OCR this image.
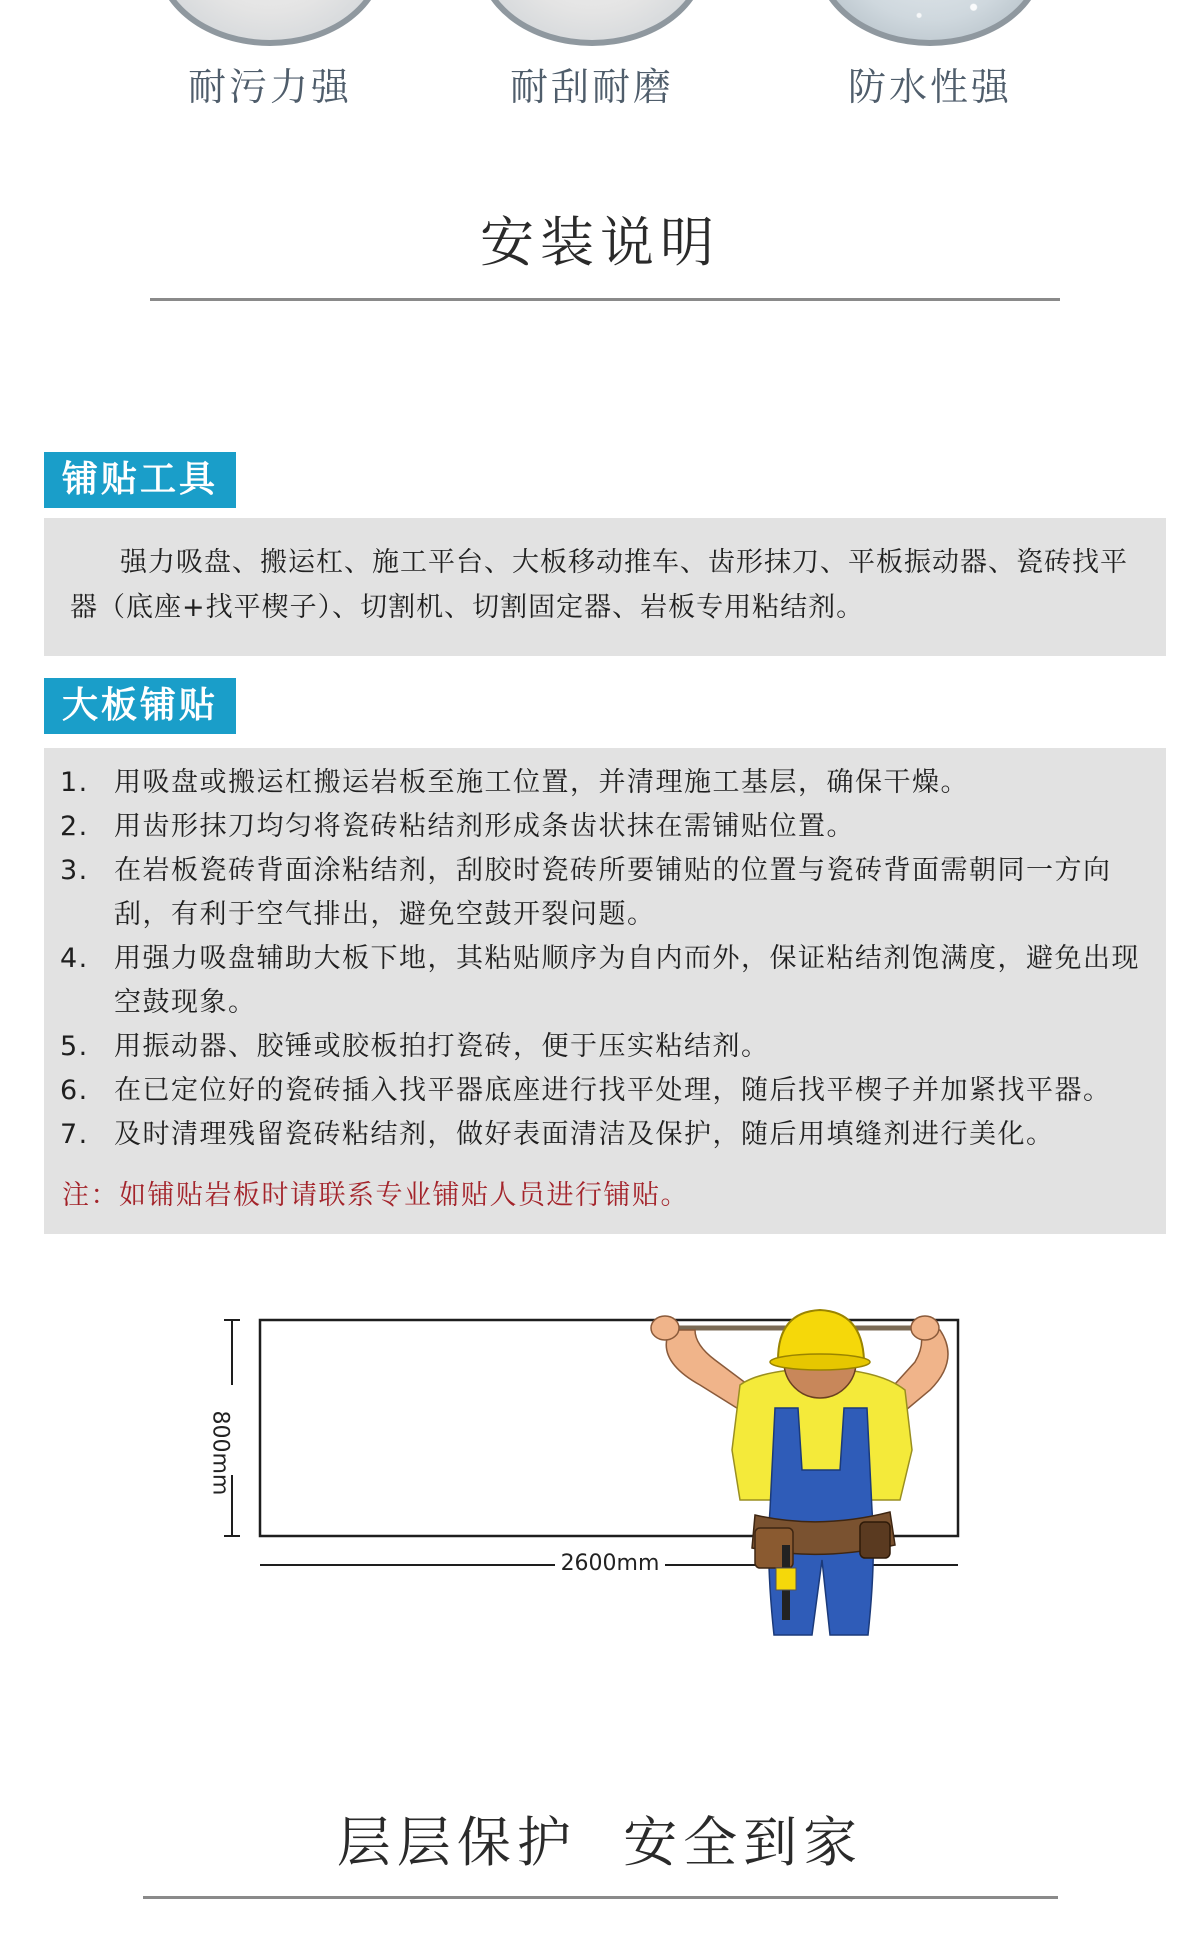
耐污力强	耐刮耐磨	防水性强
安装说明
铺贴工具
强力吸盘、搬运杠、施工平台、大板移动推车、齿形抹刀、平板振动器、瓷砖找平器（底座+找平楔子）、切割机、切割固定器、岩板专用粘结剂。
大板铺贴
1. 用吸盘或搬运杠搬运岩板至施工位置，并清理施工基层，确保干燥。
2. 用齿形抹刀均匀将瓷砖粘结剂形成条齿状抹在需铺贴位置。
3. 在岩板瓷砖背面涂粘结剂，刮胶时瓷砖所要铺贴的位置与瓷砖背面需朝同一方向刮，有利于空气排出，避免空鼓开裂问题。
4. 用强力吸盘辅助大板下地，其粘贴顺序为自内而外，保证粘结剂饱满度，避免出现空鼓现象。
5. 用振动器、胶锤或胶板拍打瓷砖，便于压实粘结剂。
6. 在已定位好的瓷砖插入找平器底座进行找平处理，随后找平楔子并加紧找平器。
7. 及时清理残留瓷砖粘结剂，做好表面清洁及保护，随后用填缝剂进行美化。
注：如铺贴岩板时请联系专业铺贴人员进行铺贴。
800mm
2600mm
层层保护  安全到家
